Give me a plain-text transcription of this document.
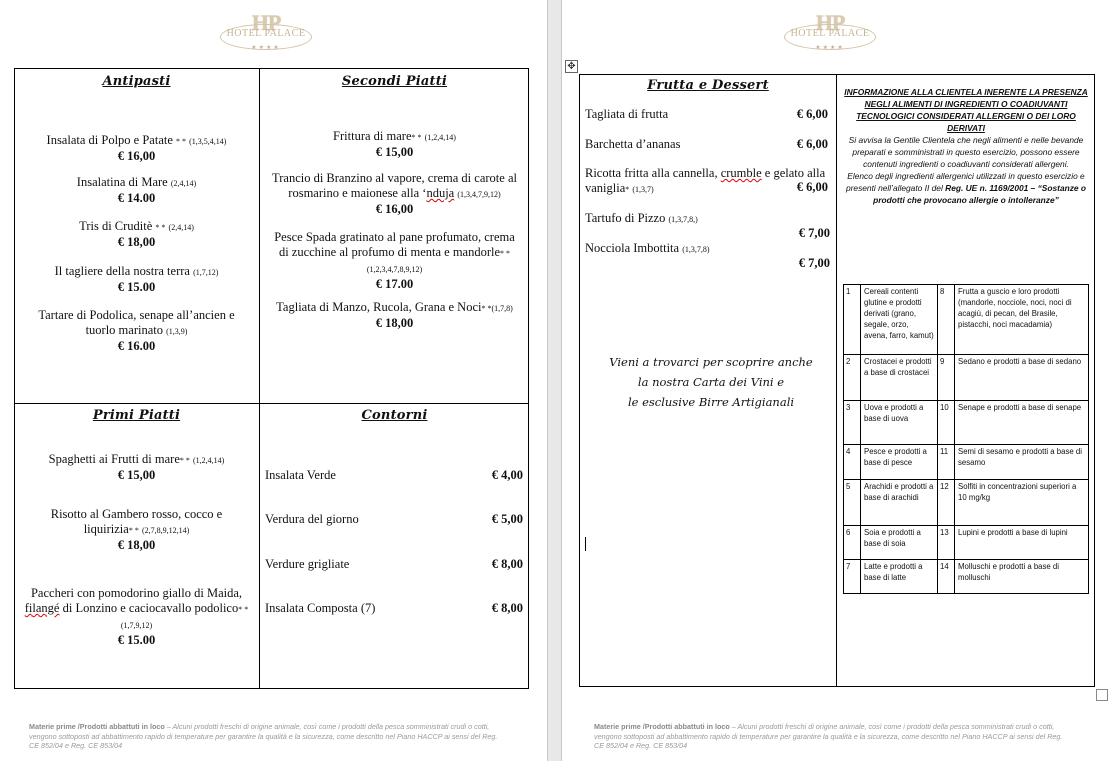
HP
HOTEL PALACE
★★★★
HP
HOTEL PALACE
★★★★
Antipasti
Insalata di Polpo e Patate * * (1,3,5,4,14)
€ 16,00
Insalatina di Mare (2,4,14)
€ 14.00
Tris di Cruditè * * (2,4,14)
€ 18,00
Il tagliere della nostra terra (1,7,12)
€ 15.00
Tartare di Podolica, senape all’ancien e
tuorlo marinato (1,3,9)
€ 16.00
Secondi Piatti
Frittura di mare* * (1,2,4,14)
€ 15,00
Trancio di Branzino al vapore, crema di carote al
rosmarino e maionese alla ‘nduja (1,3,4,7,9,12)
€ 16,00
Pesce Spada gratinato al pane profumato, crema
di zucchine al profumo di menta e mandorle* *
(1,2,3,4,7,8,9,12)
€ 17.00
Tagliata di Manzo, Rucola, Grana e Noci* *(1,7,8)
€ 18,00
Primi Piatti
Spaghetti ai Frutti di mare* * (1,2,4,14)
€ 15,00
Risotto al Gambero rosso, cocco e
liquirizia* * (2,7,8,9,12,14)
€ 18,00
Paccheri con pomodorino giallo di Maida,
filangé di Lonzino e caciocavallo podolico* *
(1,7,9,12)
€ 15.00
Contorni
Insalata Verde	€ 4,00
Verdura del giorno	€ 5,00
Verdure grigliate	€ 8,00
Insalata Composta (7)	€ 8,00
✥
Frutta e Dessert
Tagliata di frutta	€ 6,00
Barchetta d’ananas	€ 6,00
Ricotta fritta alla cannella, crumble e gelato alla
vaniglia* (1,3,7)	€ 6,00
Tartufo di Pizzo (1,3,7,8,)
€ 7,00
Nocciola Imbottita (1,3,7,8)
€ 7,00
Vieni a trovarci per scoprire anche
la nostra Carta dei Vini e
le esclusive Birre Artigianali
INFORMAZIONE ALLA CLIENTELA INERENTE LA PRESENZA NEGLI ALIMENTI DI INGREDIENTI O COADIUVANTI TECNOLOGICI CONSIDERATI ALLERGENI O DEI LORO DERIVATI
Si avvisa la Gentile Clientela che negli alimenti e nelle bevande preparati e somministrati in questo esercizio, possono essere contenuti ingredienti o coadiuvanti considerati allergeni.
Elenco degli ingredienti allergenici utilizzati in questo esercizio e presenti nell’allegato II del Reg. UE n. 1169/2001 – “Sostanze o prodotti che provocano allergie o intolleranze”
1	Cereali contenti glutine e prodotti derivati (grano, segale, orzo, avena, farro, kamut)	8	Frutta a guscio e loro prodotti (mandorle, nocciole, noci, noci di acagiù, di pecan, del Brasile, pistacchi, noci macadamia)
2	Crostacei e prodotti a base di crostacei	9	Sedano e prodotti a base di sedano
3	Uova e prodotti a base di uova	10	Senape e prodotti a base di senape
4	Pesce e prodotti a base di pesce	11	Semi di sesamo e prodotti a base di sesamo
5	Arachidi e prodotti a base di arachidi	12	Solfiti in concentrazioni superiori a 10 mg/kg
6	Soia e prodotti a base di soia	13	Lupini e prodotti a base di lupini
7	Latte e prodotti a base di latte	14	Molluschi e prodotti a base di molluschi
Materie prime /Prodotti abbattuti in loco – Alcuni prodotti freschi di origine animale, così come i prodotti della pesca somministrati crudi o cotti, vengono sottoposti ad abbattimento rapido di temperature per garantire la qualità e la sicurezza, come descritto nel Piano HACCP ai sensi del Reg. CE 852/04 e Reg. CE 853/04
Materie prime /Prodotti abbattuti in loco – Alcuni prodotti freschi di origine animale, così come i prodotti della pesca somministrati crudi o cotti, vengono sottoposti ad abbattimento rapido di temperature per garantire la qualità e la sicurezza, come descritto nel Piano HACCP ai sensi del Reg. CE 852/04 e Reg. CE 853/04
